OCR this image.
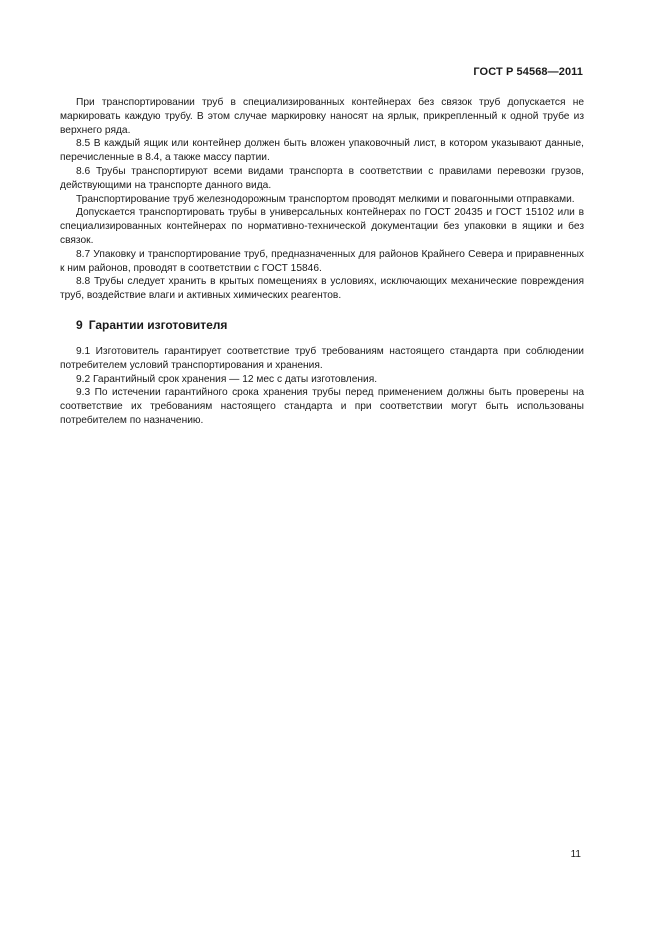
ГОСТ Р 54568—2011

При транспортировании труб в специализированных контейнерах без связок труб допускается не маркировать каждую трубу. В этом случае маркировку наносят на ярлык, прикрепленный к одной трубе из верхнего ряда.

8.5 В каждый ящик или контейнер должен быть вложен упаковочный лист, в котором указывают данные, перечисленные в 8.4, а также массу партии.

8.6 Трубы транспортируют всеми видами транспорта в соответствии с правилами перевозки грузов, действующими на транспорте данного вида.

Транспортирование труб железнодорожным транспортом проводят мелкими и повагонными отправками.

Допускается транспортировать трубы в универсальных контейнерах по ГОСТ 20435 и ГОСТ 15102 или в специализированных контейнерах по нормативно-технической документации без упаковки в ящики и без связок.

8.7 Упаковку и транспортирование труб, предназначенных для районов Крайнего Севера и приравненных к ним районов, проводят в соответствии с ГОСТ 15846.

8.8 Трубы следует хранить в крытых помещениях в условиях, исключающих механические повреждения труб, воздействие влаги и активных химических реагентов.

9 Гарантии изготовителя

9.1 Изготовитель гарантирует соответствие труб требованиям настоящего стандарта при соблюдении потребителем условий транспортирования и хранения.

9.2 Гарантийный срок хранения — 12 мес с даты изготовления.

9.3 По истечении гарантийного срока хранения трубы перед применением должны быть проверены на соответствие их требованиям настоящего стандарта и при соответствии могут быть использованы потребителем по назначению.

11
